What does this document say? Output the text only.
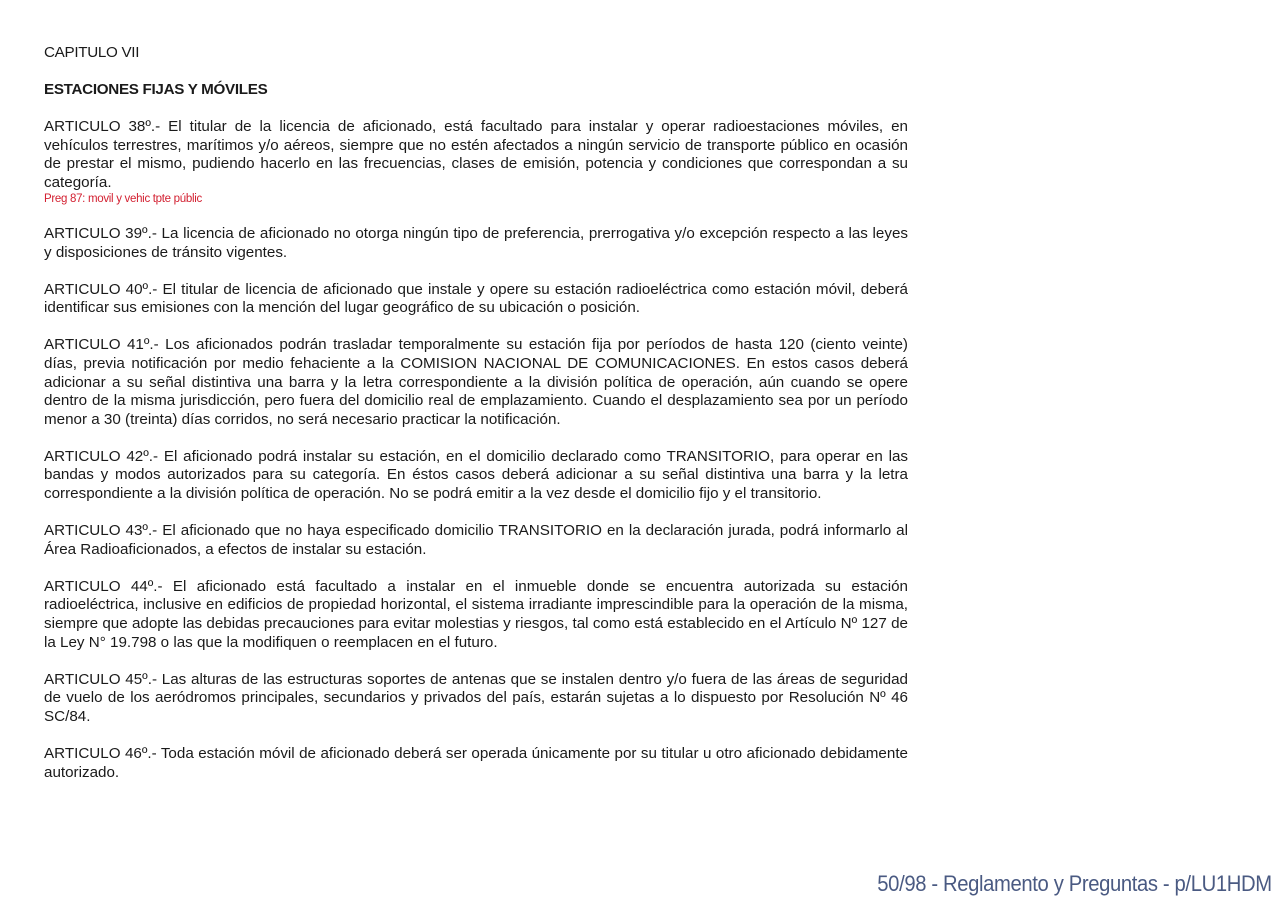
CAPITULO VII

ESTACIONES FIJAS Y MÓVILES

ARTICULO 38º.- El titular de la licencia de aficionado, está facultado para instalar y operar radioestaciones móviles, en vehículos terrestres, marítimos y/o aéreos, siempre que no estén afectados a ningún servicio de transporte público en ocasión de prestar el mismo, pudiendo hacerlo en las frecuencias, clases de emisión, potencia y condiciones que correspondan a su categoría.
Preg 87: movil y vehic tpte públic

ARTICULO 39º.- La licencia de aficionado no otorga ningún tipo de preferencia, prerrogativa y/o excepción respecto a las leyes y disposiciones de tránsito vigentes.

ARTICULO 40º.- El titular de licencia de aficionado que instale y opere su estación radioeléctrica como estación móvil, deberá identificar sus emisiones con la mención del lugar geográfico de su ubicación o posición.

ARTICULO 41º.- Los aficionados podrán trasladar temporalmente su estación fija por períodos de hasta 120 (ciento veinte) días, previa notificación por medio fehaciente a la COMISION NACIONAL DE COMUNICACIONES. En estos casos deberá adicionar a su señal distintiva una barra y la letra correspondiente a la división política de operación, aún cuando se opere dentro de la misma jurisdicción, pero fuera del domicilio real de emplazamiento. Cuando el desplazamiento sea por un período menor a 30 (treinta) días corridos, no será necesario practicar la notificación.

ARTICULO 42º.- El aficionado podrá instalar su estación, en el domicilio declarado como TRANSITORIO, para operar en las bandas y modos autorizados para su categoría. En éstos casos deberá adicionar a su señal distintiva una barra y la letra correspondiente a la división política de operación. No se podrá emitir a la vez desde el domicilio fijo y el transitorio.

ARTICULO 43º.- El aficionado que no haya especificado domicilio TRANSITORIO en la declaración jurada, podrá informarlo al Área Radioaficionados, a efectos de instalar su estación.

ARTICULO 44º.- El aficionado está facultado a instalar en el inmueble donde se encuentra autorizada su estación radioeléctrica, inclusive en edificios de propiedad horizontal, el sistema irradiante imprescindible para la operación de la misma, siempre que adopte las debidas precauciones para evitar molestias y riesgos, tal como está establecido en el Artículo Nº 127 de la Ley N° 19.798 o las que la modifiquen o reemplacen en el futuro.

ARTICULO 45º.- Las alturas de las estructuras soportes de antenas que se instalen dentro y/o fuera de las áreas de seguridad de vuelo de los aeródromos principales, secundarios y privados del país, estarán sujetas a lo dispuesto por Resolución Nº 46 SC/84.

ARTICULO 46º.- Toda estación móvil de aficionado deberá ser operada únicamente por su titular u otro aficionado debidamente autorizado.

50/98 - Reglamento y Preguntas - p/LU1HDM
